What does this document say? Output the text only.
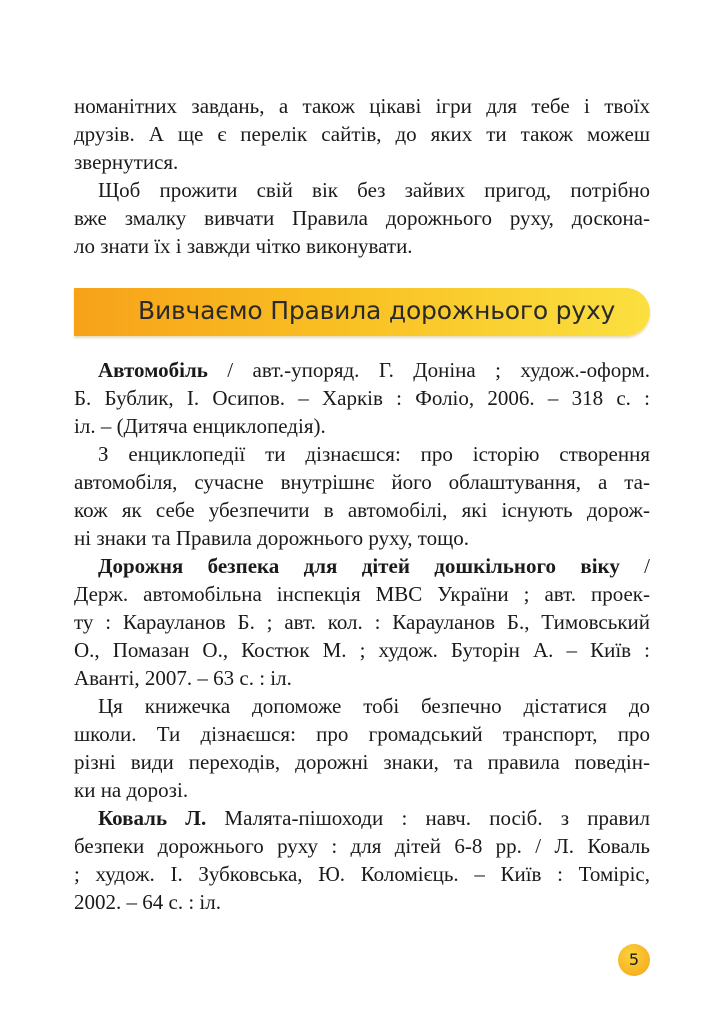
номанітних завдань, а також цікаві ігри для тебе і твоїх
друзів. А ще є перелік сайтів, до яких ти також можеш
звернутися.

Щоб прожити свій вік без зайвих пригод, потрібно
вже змалку вивчати Правила дорожнього руху, доскона-
ло знати їх і завжди чітко виконувати.

Вивчаємо Правила дорожнього руху

Автомобіль / авт.-упоряд. Г. Доніна ; худож.-оформ.
Б. Бублик, І. Осипов. – Харків : Фоліо, 2006. – 318 с. :
іл. – (Дитяча енциклопедія).

З енциклопедії ти дізнаєшся: про історію створення
автомобіля, сучасне внутрішнє його облаштування, а та-
кож як себе убезпечити в автомобілі, які існують дорож-
ні знаки та Правила дорожнього руху, тощо.

Дорожня безпека для дітей дошкільного віку /
Держ. автомобільна інспекція МВС України ; авт. проек-
ту : Карауланов Б. ; авт. кол. : Карауланов Б., Тимовський
О., Помазан О., Костюк М. ; худож. Буторін А. – Київ :
Аванті, 2007. – 63 с. : іл.

Ця книжечка допоможе тобі безпечно дістатися до
школи. Ти дізнаєшся: про громадський транспорт, про
різні види переходів, дорожні знаки, та правила поведін-
ки на дорозі.

Коваль Л. Малята-пішоходи : навч. посіб. з правил
безпеки дорожнього руху : для дітей 6-8 рр. / Л. Коваль
; худож. І. Зубковська, Ю. Коломієць. – Київ : Томіріс,
2002. – 64 с. : іл.

5
